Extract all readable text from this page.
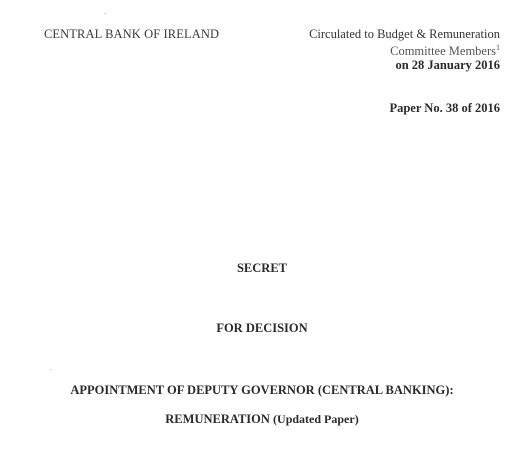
CENTRAL BANK OF IRELAND	Circulated to Budget & Remuneration
Committee Members$^1$
on 28 January 2016
Paper No. 38 of 2016
SECRET
FOR DECISION
APPOINTMENT OF DEPUTY GOVERNOR (CENTRAL BANKING):
REMUNERATION (Updated Paper)
